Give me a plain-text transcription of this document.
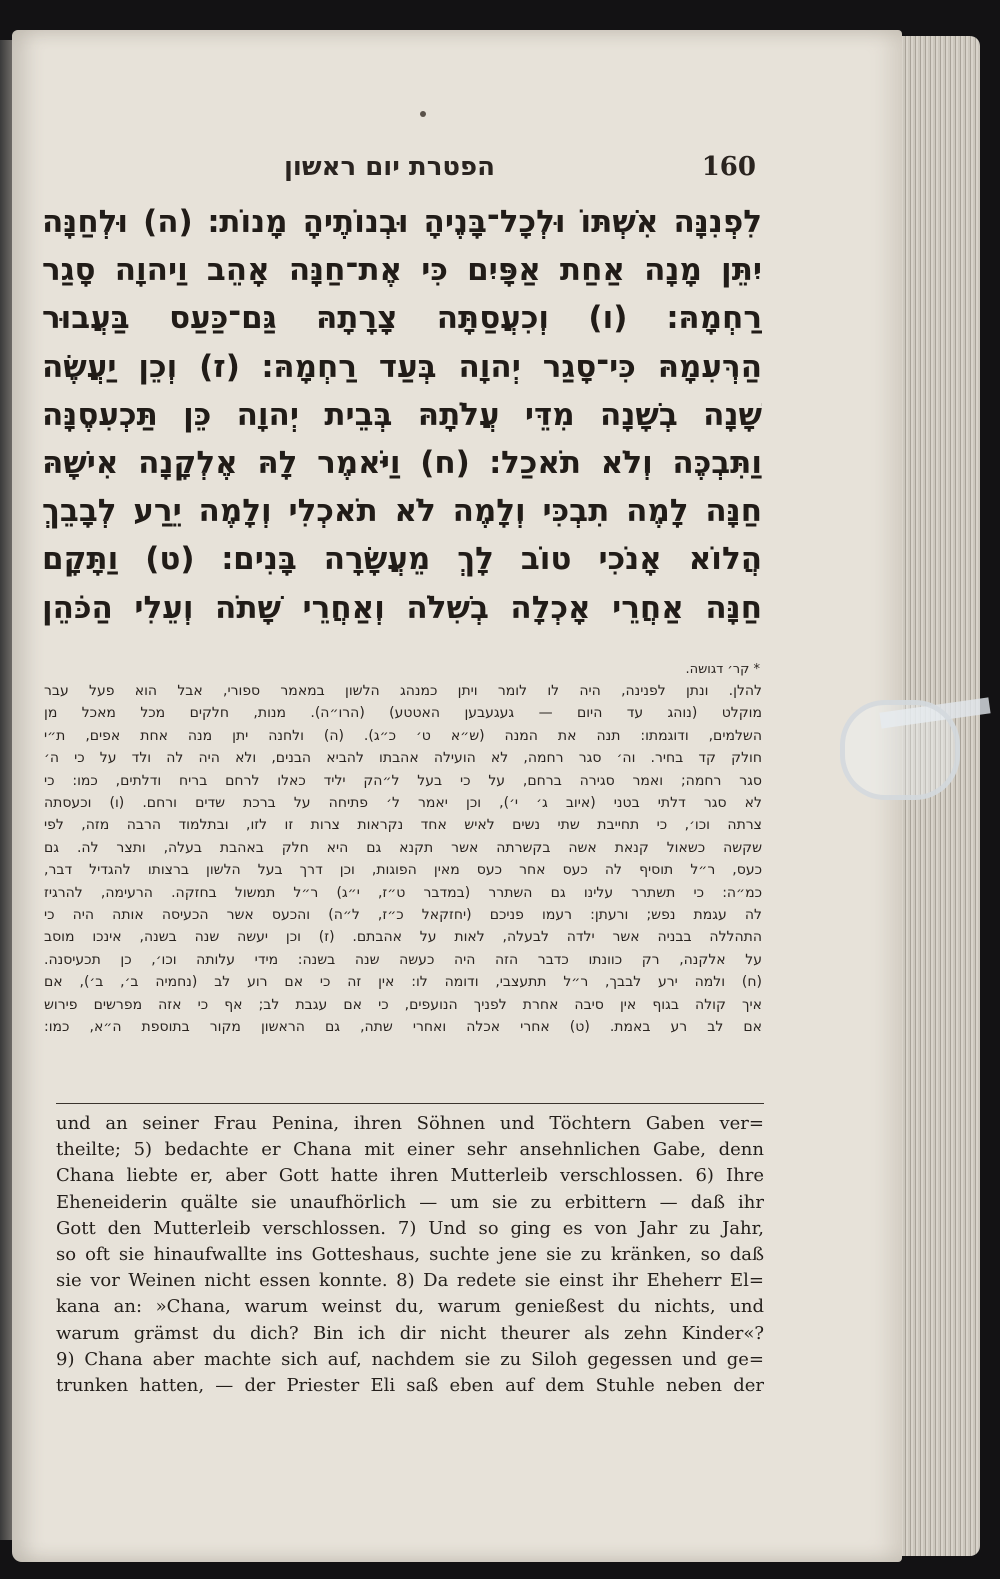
הפטרת יום ראשון	160
לִפְנִנָּה אִשְׁתּוֹ וּלְכָל־בָּנֶיהָ וּבְנוֹתֶיהָ מָנוֹת׃ (ה) וּלְחַנָּה
יִתֵּן מָנָה אַחַת אַפָּיִם כִּי אֶת־חַנָּה אָהֵב וַיהוָה סָגַר
רַחְמָהּ׃ (ו) וְכִעֲסַתָּה צָרָתָהּ גַּם־כַּעַס בַּעֲבוּר
הַרְּעִמָהּ כִּי־סָגַר יְהוָה בְּעַד רַחְמָהּ׃ (ז) וְכֵן יַעֲשֶׂה
שָׁנָה בְשָׁנָה מִדֵּי עֲלֹתָהּ בְּבֵית יְהוָה כֵּן תַּכְעִסֶנָּה
וַתִּבְכֶּה וְלֹא תֹאכַל׃ (ח) וַיֹּאמֶר לָהּ אֶלְקָנָה אִישָׁהּ
חַנָּה לָמֶה תִבְכִּי וְלָמֶה לֹא תֹאכְלִי וְלָמֶה יֵרַע לְבָבֵךְ
הֲלוֹא אָנֹכִי טוֹב לָךְ מֵעֲשָׂרָה בָּנִים׃ (ט) וַתָּקָם
חַנָּה אַחֲרֵי אָכְלָה בְשִׁלֹה וְאַחֲרֵי שָׁתֹה וְעֵלִי הַכֹּהֵן
* קר׳ דגושה.
להלן. ונתן לפנינה, היה לו לומר ויתן כמנהג הלשון במאמר ספורי, אבל הוא פעל עבר
מוקלט (נוהג עד היום — געגעבען האטטע) (הרו״ה). מנות, חלקים מכל מאכל מן
השלמים, ודוגמתו: תנה את המנה (ש״א ט׳ כ״ג). (ה) ולחנה יתן מנה אחת אפים, ת״י
חולק קד בחיר. וה׳ סגר רחמה, לא הועילה אהבתו להביא הבנים, ולא היה לה ולד על כי ה׳
סגר רחמה; ואמר סגירה ברחם, על כי בעל ל״הק יליד כאלו לרחם בריח ודלתים, כמו: כי
לא סגר דלתי בטני (איוב ג׳ י׳), וכן יאמר ל׳ פתיחה על ברכת שדים ורחם. (ו) וכעסתה
צרתה וכו׳, כי תחייבת שתי נשים לאיש אחד נקראות צרות זו לזו, ובתלמוד הרבה מזה, לפי
שקשה כשאול קנאת אשה בקשרתה אשר תקנא גם היא חלק באהבת בעלה, ותצר לה. גם
כעס, ר״ל תוסיף לה כעס אחר כעס מאין הפוגות, וכן דרך בעל הלשון ברצותו להגדיל דבר,
כמ״ה: כי תשתרר עלינו גם השתרר (במדבר ט״ז, י״ג) ר״ל תמשול בחזקה. הרעימה, להרגיז
לה עגמת נפש; ורעתן: רעמו פניכם (יחזקאל כ״ז, ל״ה) והכעס אשר הכעיסה אותה היה כי
התהללה בבניה אשר ילדה לבעלה, לאות על אהבתם. (ז) וכן יעשה שנה בשנה, אינכו מוסב
על אלקנה, רק כוונתו כדבר הזה היה כעשה שנה בשנה: מידי עלותה וכו׳, כן תכעיסנה.
(ח) ולמה ירע לבבך, ר״ל תתעצבי, ודומה לו: אין זה כי אם רוע לב (נחמיה ב׳, ב׳), אם
איך קולה בגוף אין סיבה אחרת לפניך הנועפים, כי אם עגבת לב; אף כי אזה מפרשים פירוש
אם לב רע באמת. (ט) אחרי אכלה ואחרי שתה, גם הראשון מקור בתוספת ה״א, כמו:
und an seiner Frau Penina, ihren Söhnen und Töchtern Gaben ver=
theilte; 5) bedachte er Chana mit einer sehr ansehnlichen Gabe, denn
Chana liebte er, aber Gott hatte ihren Mutterleib verschlossen. 6) Ihre
Eheneiderin quälte sie unaufhörlich — um sie zu erbittern — daß ihr
Gott den Mutterleib verschlossen. 7) Und so ging es von Jahr zu Jahr,
so oft sie hinaufwallte ins Gotteshaus, suchte jene sie zu kränken, so daß
sie vor Weinen nicht essen konnte. 8) Da redete sie einst ihr Eheherr El=
kana an: »Chana, warum weinst du, warum genießest du nichts, und
warum grämst du dich? Bin ich dir nicht theurer als zehn Kinder«?
9) Chana aber machte sich auf, nachdem sie zu Siloh gegessen und ge=
trunken hatten, — der Priester Eli saß eben auf dem Stuhle neben der
